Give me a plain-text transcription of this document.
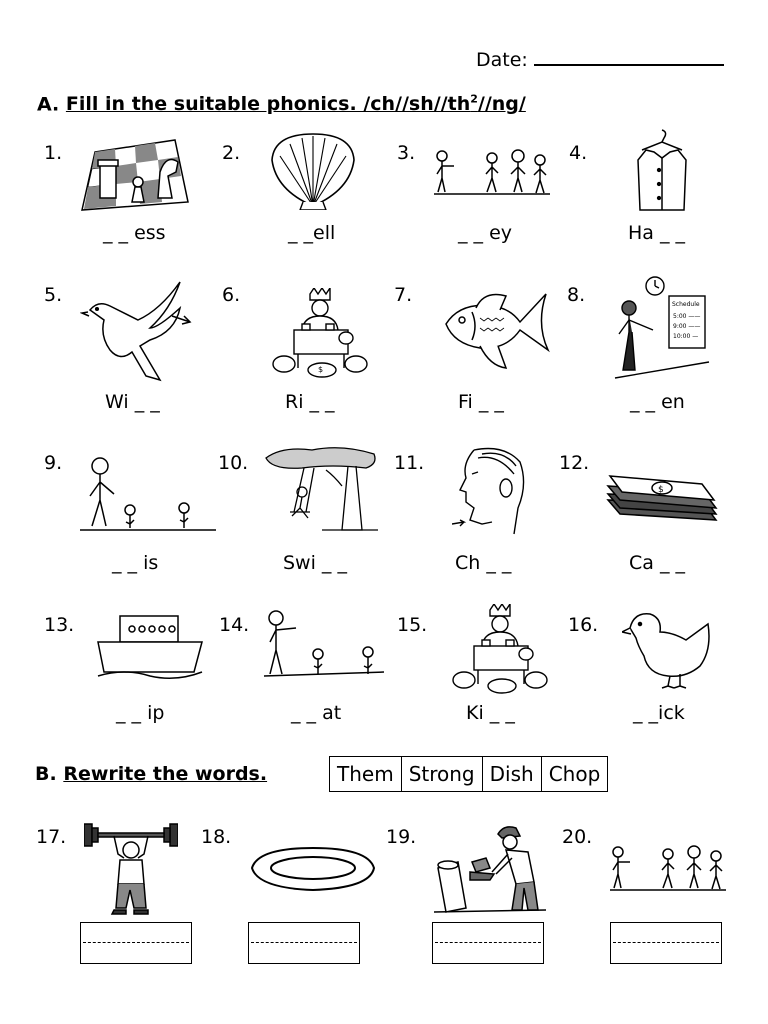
Date:
A. Fill in the suitable phonics. $/ch//sh//th^2//ng/$
1.
_ _ ess
2.
_ _ell
3.
_ _ ey
4.
Ha _ _
5.
Wi _ _
6.
$
Ri _ _
7.
Fi _ _
8.	Schedule
5:00 ——
9:00 ——
10:00 —
_ _ en
9.
_ _ is
10.
Swi _ _
11.
Ch _ _
12.
$
Ca _ _
13.
_ _ ip
14.
_ _ at
15.
Ki _ _
16.
_ _ick
B. Rewrite the words.	Them Strong Dish Chop
17.	18.	19.	20.
